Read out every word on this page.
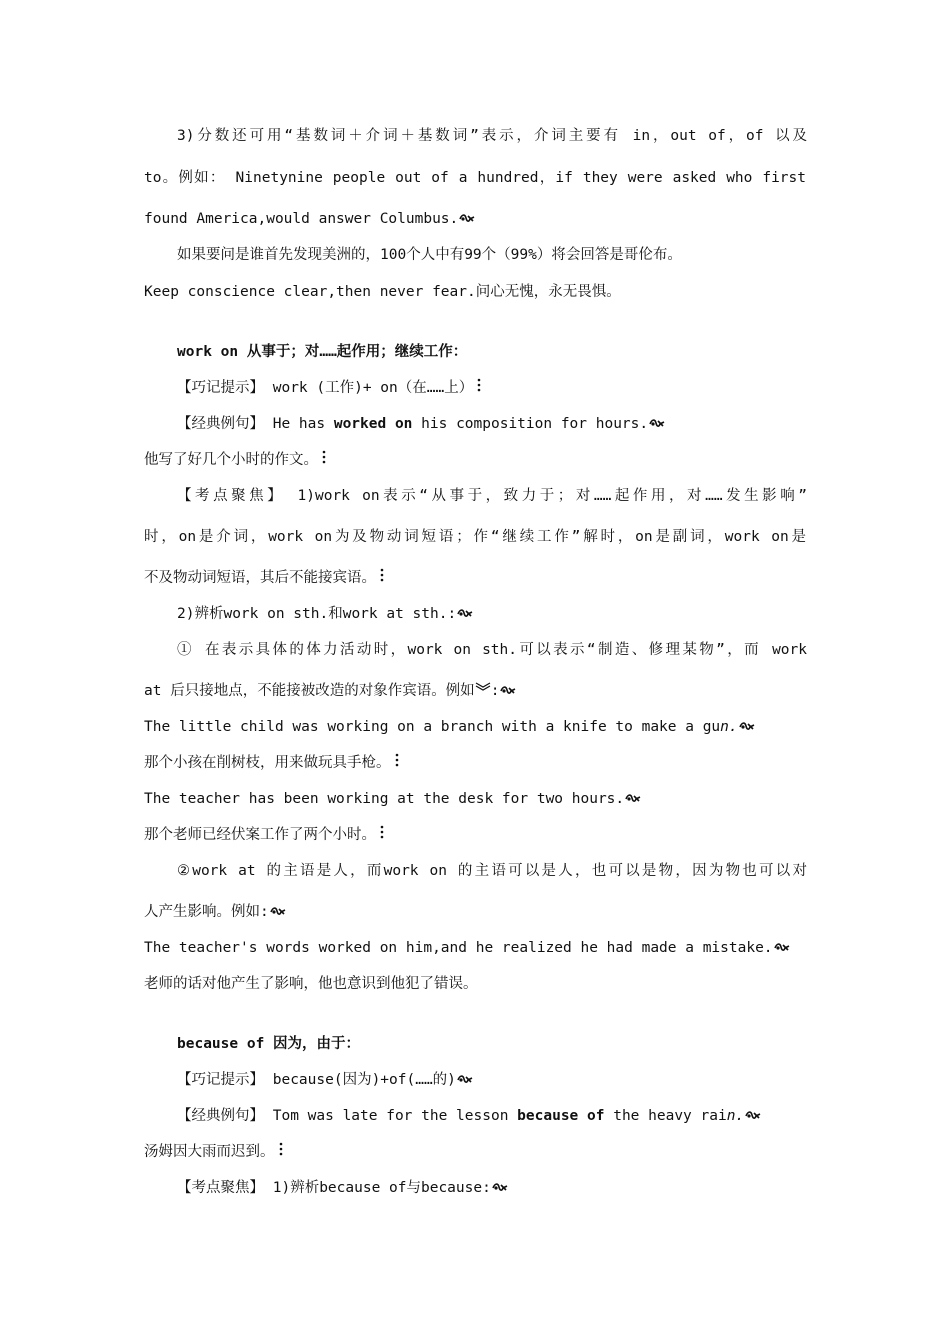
3)分数还可用“基数词＋介词＋基数词”表示，介词主要有 in，out of，of 以及

to。例如： Ninetynine people out of a hundred，if they were asked who first

found America,would answer Columbus.

如果要问是谁首先发现美洲的，100个人中有99个（99%）将会回答是哥伦布。

Keep conscience clear,then never fear.问心无愧，永无畏惧。

work on 从事于；对……起作用；继续工作：

【巧记提示】 work (工作)+ on（在……上）

【经典例句】 He has worked on his composition for hours.

他写了好几个小时的作文。

【考点聚焦】 1)work on表示“从事于，致力于；对……起作用，对……发生影响”

时，on是介词，work on为及物动词短语；作“继续工作”解时，on是副词，work on是

不及物动词短语，其后不能接宾语。

2)辨析work on sth.和work at sth.:

① 在表示具体的体力活动时，work on sth.可以表示“制造、修理某物”，而 work

at 后只接地点，不能接被改造的对象作宾语。例如 :

The little child was working on a branch with a knife to make a gun.

那个小孩在削树枝，用来做玩具手枪。

The teacher has been working at the desk for two hours.

那个老师已经伏案工作了两个小时。

②work at 的主语是人，而work on 的主语可以是人，也可以是物，因为物也可以对

人产生影响。例如:

The teacher's words worked on him,and he realized he had made a mistake.

老师的话对他产生了影响，他也意识到他犯了错误。

because of 因为，由于：

【巧记提示】 because(因为)+of(……的)

【经典例句】 Tom was late for the lesson because of the heavy rain.

汤姆因大雨而迟到。

【考点聚焦】 1)辨析because of与because:
